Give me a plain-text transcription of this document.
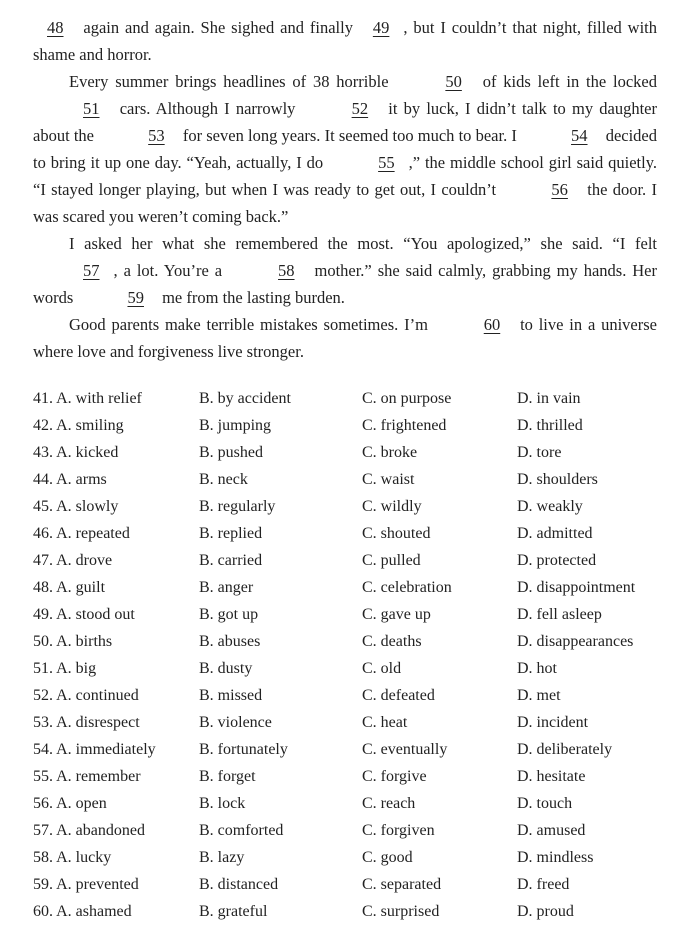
48 again and again. She sighed and finally 49 , but I couldn’t that night, filled with shame and horror.

Every summer brings headlines of 38 horrible	50 of kids left in the locked 51 cars. Although I narrowly	52 it by luck, I didn’t talk to my daughter about the	53 for seven long years. It seemed too much to bear. I	54 decided to bring it up one day. “Yeah, actually, I do	55 ,” the middle school girl said quietly. “I stayed longer playing, but when I was ready to get out, I couldn’t	56 the door. I was scared you weren’t coming back.”

I asked her what she remembered the most. “You apologized,” she said. “I felt 57 , a lot. You’re a	58 mother.” she said calmly, grabbing my hands. Her words	59 me from the lasting burden.

Good parents make terrible mistakes sometimes. I’m	60 to live in a universe where love and forgiveness live stronger.

41. A. with relief	B. by accident	C. on purpose	D. in vain
42. A. smiling	B. jumping	C. frightened	D. thrilled
43. A. kicked	B. pushed	C. broke	D. tore
44. A. arms	B. neck	C. waist	D. shoulders
45. A. slowly	B. regularly	C. wildly	D. weakly
46. A. repeated	B. replied	C. shouted	D. admitted
47. A. drove	B. carried	C. pulled	D. protected
48. A. guilt	B. anger	C. celebration	D. disappointment
49. A. stood out	B. got up	C. gave up	D. fell asleep
50. A. births	B. abuses	C. deaths	D. disappearances
51. A. big	B. dusty	C. old	D. hot
52. A. continued	B. missed	C. defeated	D. met
53. A. disrespect	B. violence	C. heat	D. incident
54. A. immediately	B. fortunately	C. eventually	D. deliberately
55. A. remember	B. forget	C. forgive	D. hesitate
56. A. open	B. lock	C. reach	D. touch
57. A. abandoned	B. comforted	C. forgiven	D. amused
58. A. lucky	B. lazy	C. good	D. mindless
59. A. prevented	B. distanced	C. separated	D. freed
60. A. ashamed	B. grateful	C. surprised	D. proud
